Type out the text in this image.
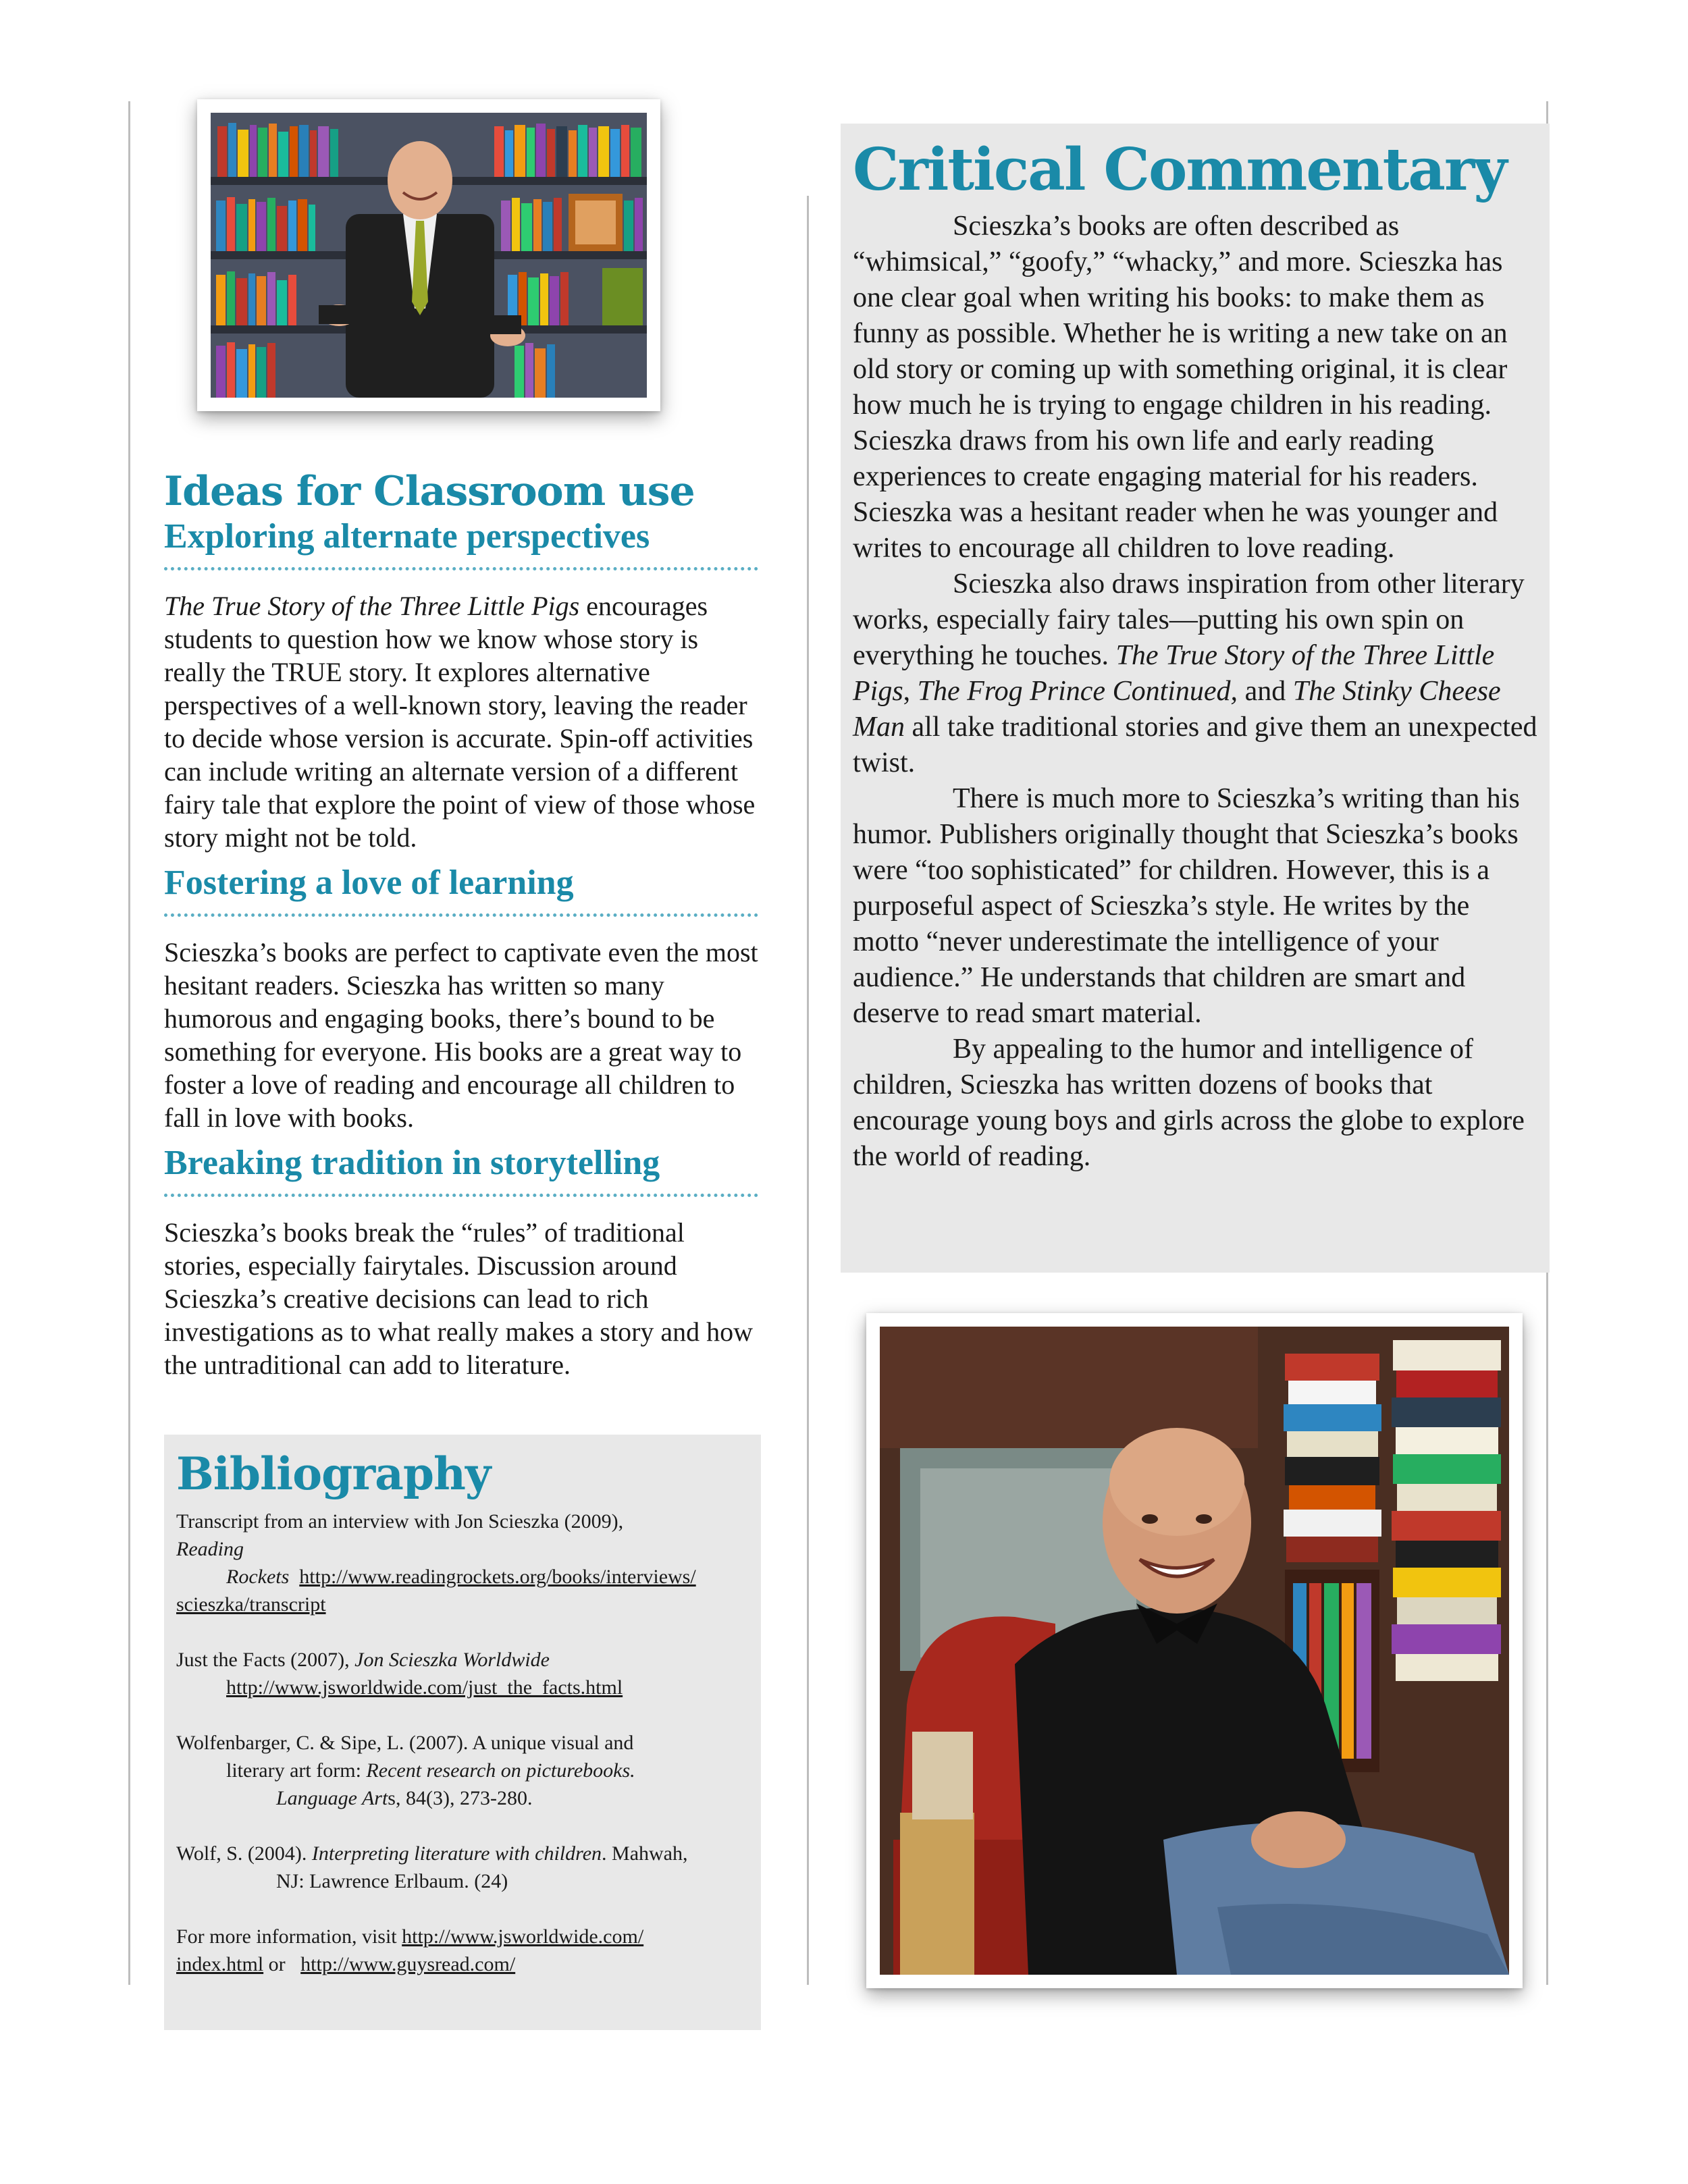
Ideas for Classroom use
Exploring alternate perspectives

The True Story of the Three Little Pigs encourages students to question how we know whose story is really the TRUE story. It explores alternative perspectives of a well-known story, leaving the reader to decide whose version is accurate. Spin-off activities can include writing an alternate version of a different fairy tale that explore the point of view of those whose story might not be told.

Fostering a love of learning

Scieszka’s books are perfect to captivate even the most hesitant readers. Scieszka has written so many humorous and engaging books, there’s bound to be something for everyone. His books are a great way to foster a love of reading and encourage all children to fall in love with books.

Breaking tradition in storytelling

Scieszka’s books break the “rules” of traditional stories, especially fairytales. Discussion around Scieszka’s creative decisions can lead to rich investigations as to what really makes a story and how the untraditional can add to literature.

Bibliography

Transcript from an interview with Jon Scieszka (2009),
Reading

Rockets http://www.readingrockets.org/books/interviews/
scieszka/transcript

Just the Facts (2007), Jon Scieszka Worldwide

http://www.jsworldwide.com/just_the_facts.html

Wolfenbarger, C. & Sipe, L. (2007). A unique visual and

literary art form: Recent research on picturebooks.
Language Arts, 84(3), 273-280.

Wolf, S. (2004). Interpreting literature with children. Mahwah,

NJ: Lawrence Erlbaum. (24)

For more information, visit http://www.jsworldwide.com/
index.html or   http://www.guysread.com/

Critical Commentary

Scieszka’s books are often described as “whimsical,” “goofy,” “whacky,” and more. Scieszka has one clear goal when writing his books: to make them as funny as possible. Whether he is writing a new take on an old story or coming up with something original, it is clear how much he is trying to engage children in his reading. Scieszka draws from his own life and early reading experiences to create engaging material for his readers. Scieszka was a hesitant reader when he was younger and writes to encourage all children to love reading.

Scieszka also draws inspiration from other literary works, especially fairy tales—putting his own spin on everything he touches. The True Story of the Three Little Pigs, The Frog Prince Continued, and The Stinky Cheese Man all take traditional stories and give them an unexpected twist.

There is much more to Scieszka’s writing than his humor. Publishers originally thought that Scieszka’s books were “too sophisticated” for children. However, this is a purposeful aspect of Scieszka’s style. He writes by the motto “never underestimate the intelligence of your audience.” He understands that children are smart and deserve to read smart material.

By appealing to the humor and intelligence of children, Scieszka has written dozens of books that encourage young boys and girls across the globe to explore the world of reading.
